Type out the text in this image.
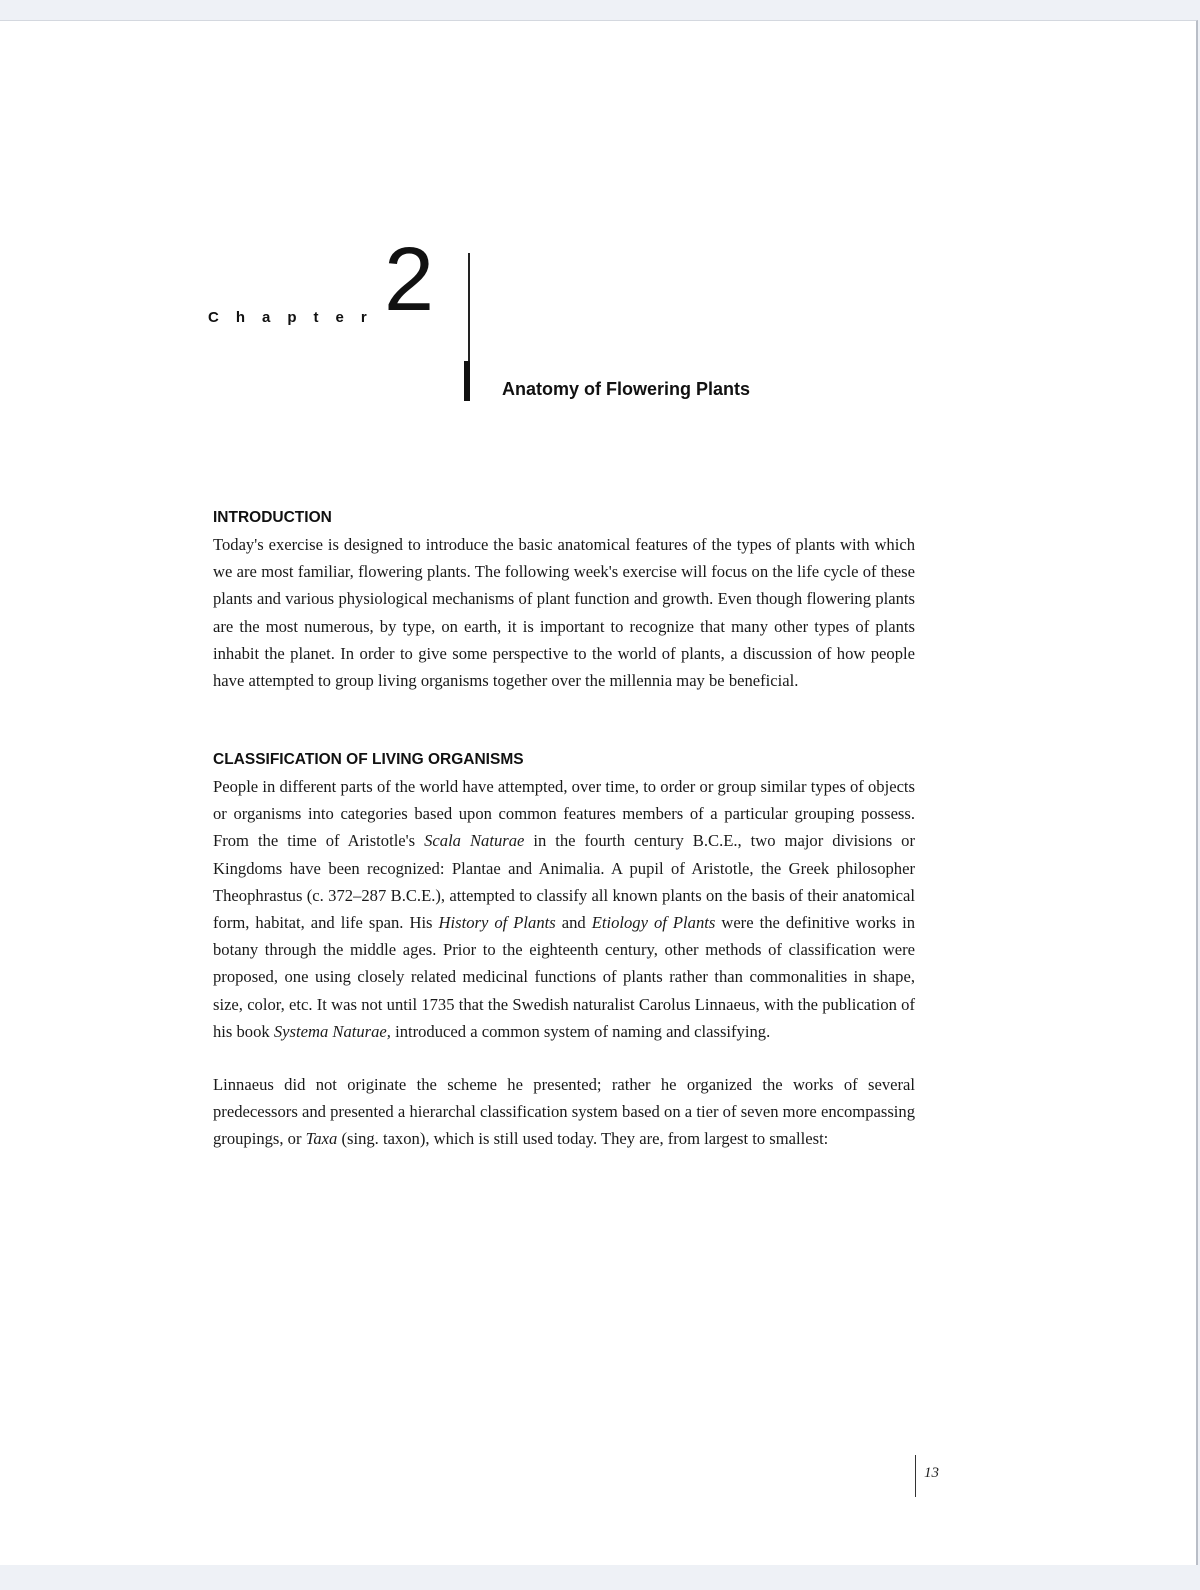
Chapter 2
Anatomy of Flowering Plants
INTRODUCTION

Today's exercise is designed to introduce the basic anatomical features of the types of plants with which we are most familiar, flowering plants. The following week's exercise will focus on the life cycle of these plants and various physiological mechanisms of plant function and growth. Even though flowering plants are the most numerous, by type, on earth, it is important to recognize that many other types of plants inhabit the planet. In order to give some perspective to the world of plants, a discussion of how people have attempted to group living organisms together over the millennia may be beneficial.

CLASSIFICATION OF LIVING ORGANISMS

People in different parts of the world have attempted, over time, to order or group similar types of objects or organisms into categories based upon common features members of a particular grouping possess. From the time of Aristotle's Scala Naturae in the fourth century B.C.E., two major divisions or Kingdoms have been recognized: Plantae and Animalia. A pupil of Aristotle, the Greek philosopher Theophrastus (c. 372–287 B.C.E.), attempted to classify all known plants on the basis of their anatomical form, habitat, and life span. His History of Plants and Etiology of Plants were the definitive works in botany through the middle ages. Prior to the eighteenth century, other methods of classification were proposed, one using closely related medicinal functions of plants rather than commonalities in shape, size, color, etc. It was not until 1735 that the Swedish naturalist Carolus Linnaeus, with the publication of his book Systema Naturae, introduced a common system of naming and classifying.

Linnaeus did not originate the scheme he presented; rather he organized the works of several predecessors and presented a hierarchal classification system based on a tier of seven more encompassing groupings, or Taxa (sing. taxon), which is still used today. They are, from largest to smallest:

13
